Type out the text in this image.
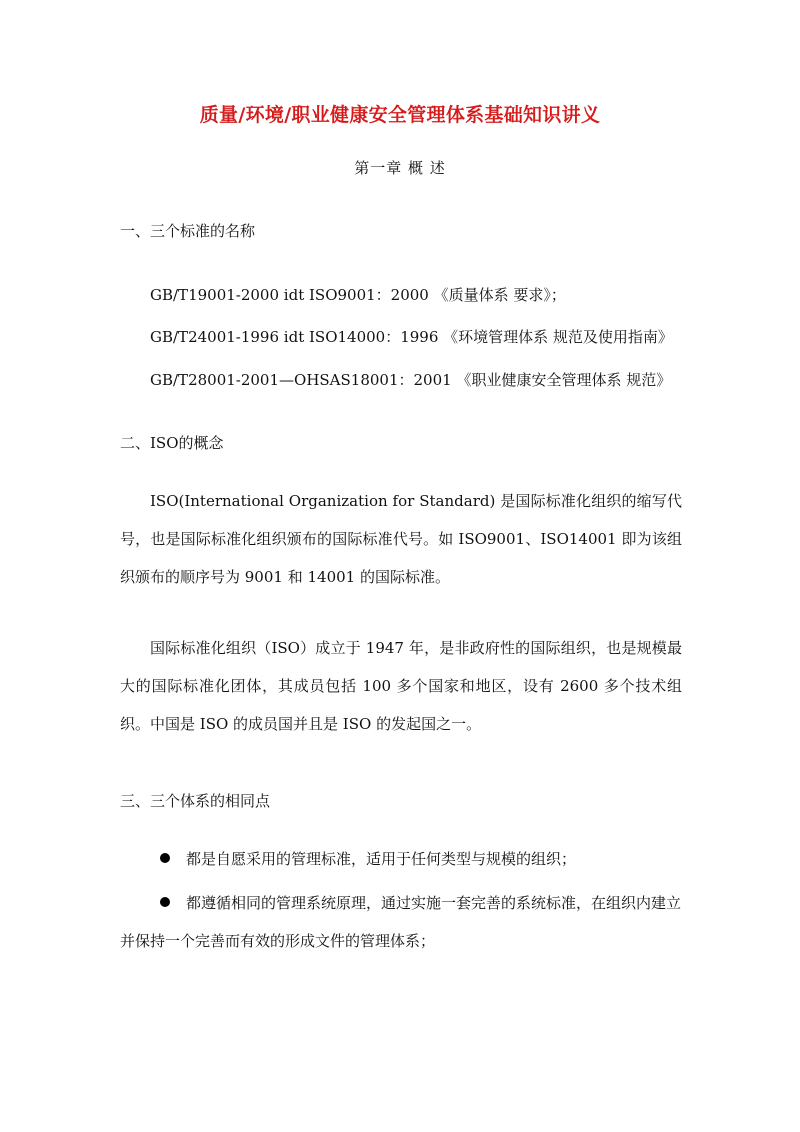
质量/环境/职业健康安全管理体系基础知识讲义
第一章 概 述
一、三个标准的名称
GB/T19001-2000 idt ISO9001：2000 《质量体系 要求》；
GB/T24001-1996 idt ISO14000：1996 《环境管理体系 规范及使用指南》
GB/T28001-2001—OHSAS18001：2001 《职业健康安全管理体系 规范》
二、ISO的概念
ISO(International Organization for Standard) 是国际标准化组织的缩写代号，也是国际标准化组织颁布的国际标准代号。如 ISO9001、ISO14001 即为该组织颁布的顺序号为 9001 和 14001 的国际标准。
国际标准化组织（ISO）成立于 1947 年，是非政府性的国际组织，也是规模最大的国际标准化团体，其成员包括 100 多个国家和地区，设有 2600 多个技术组织。中国是 ISO 的成员国并且是 ISO 的发起国之一。
三、三个体系的相同点
都是自愿采用的管理标准，适用于任何类型与规模的组织；
都遵循相同的管理系统原理，通过实施一套完善的系统标准，在组织内建立并保持一个完善而有效的形成文件的管理体系；
